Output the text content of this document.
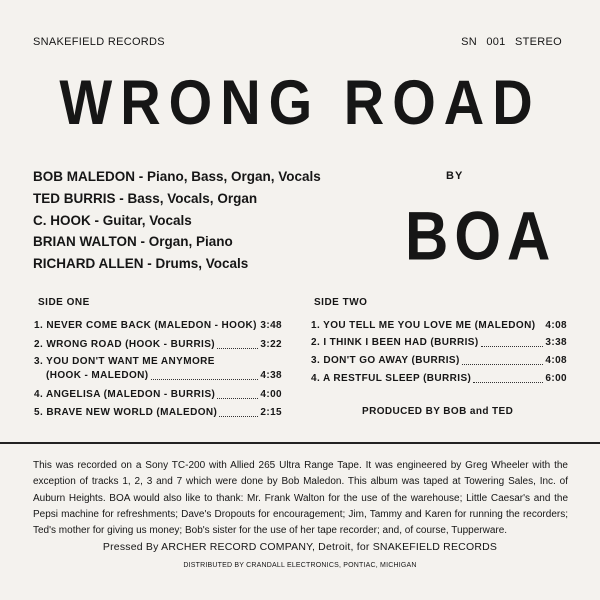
SNAKEFIELD RECORDS	SN 001 STEREO
WRONG ROAD
BOB MALEDON - Piano, Bass, Organ, Vocals
TED BURRIS - Bass, Vocals, Organ
C. HOOK - Guitar, Vocals
BRIAN WALTON - Organ, Piano
RICHARD ALLEN - Drums, Vocals
BY
BOA
SIDE ONE	SIDE TWO
1. NEVER COME BACK (MALEDON - HOOK) 3:48
2. WRONG ROAD (HOOK - BURRIS)	3:22
3. YOU DON'T WANT ME ANYMORE
(HOOK - MALEDON)	4:38
4. ANGELISA (MALEDON - BURRIS)	4:00
5. BRAVE NEW WORLD (MALEDON)	2:15
1. YOU TELL ME YOU LOVE ME (MALEDON) 4:08
2. I THINK I BEEN HAD (BURRIS)	3:38
3. DON'T GO AWAY (BURRIS)	4:08
4. A RESTFUL SLEEP (BURRIS)	6:00
PRODUCED BY BOB and TED
This was recorded on a Sony TC-200 with Allied 265 Ultra Range Tape. It was engineered by Greg Wheeler with the exception of tracks 1, 2, 3 and 7 which were done by Bob Maledon. This album was taped at Towering Sales, Inc. of Auburn Heights. BOA would also like to thank: Mr. Frank Walton for the use of the warehouse; Little Caesar's and the Pepsi machine for refreshments; Dave's Dropouts for encouragement; Jim, Tammy and Karen for running the recorders; Ted's mother for giving us money; Bob's sister for the use of her tape recorder; and, of course, Tupperware.
Pressed By ARCHER RECORD COMPANY, Detroit, for SNAKEFIELD RECORDS
DISTRIBUTED BY CRANDALL ELECTRONICS, PONTIAC, MICHIGAN
